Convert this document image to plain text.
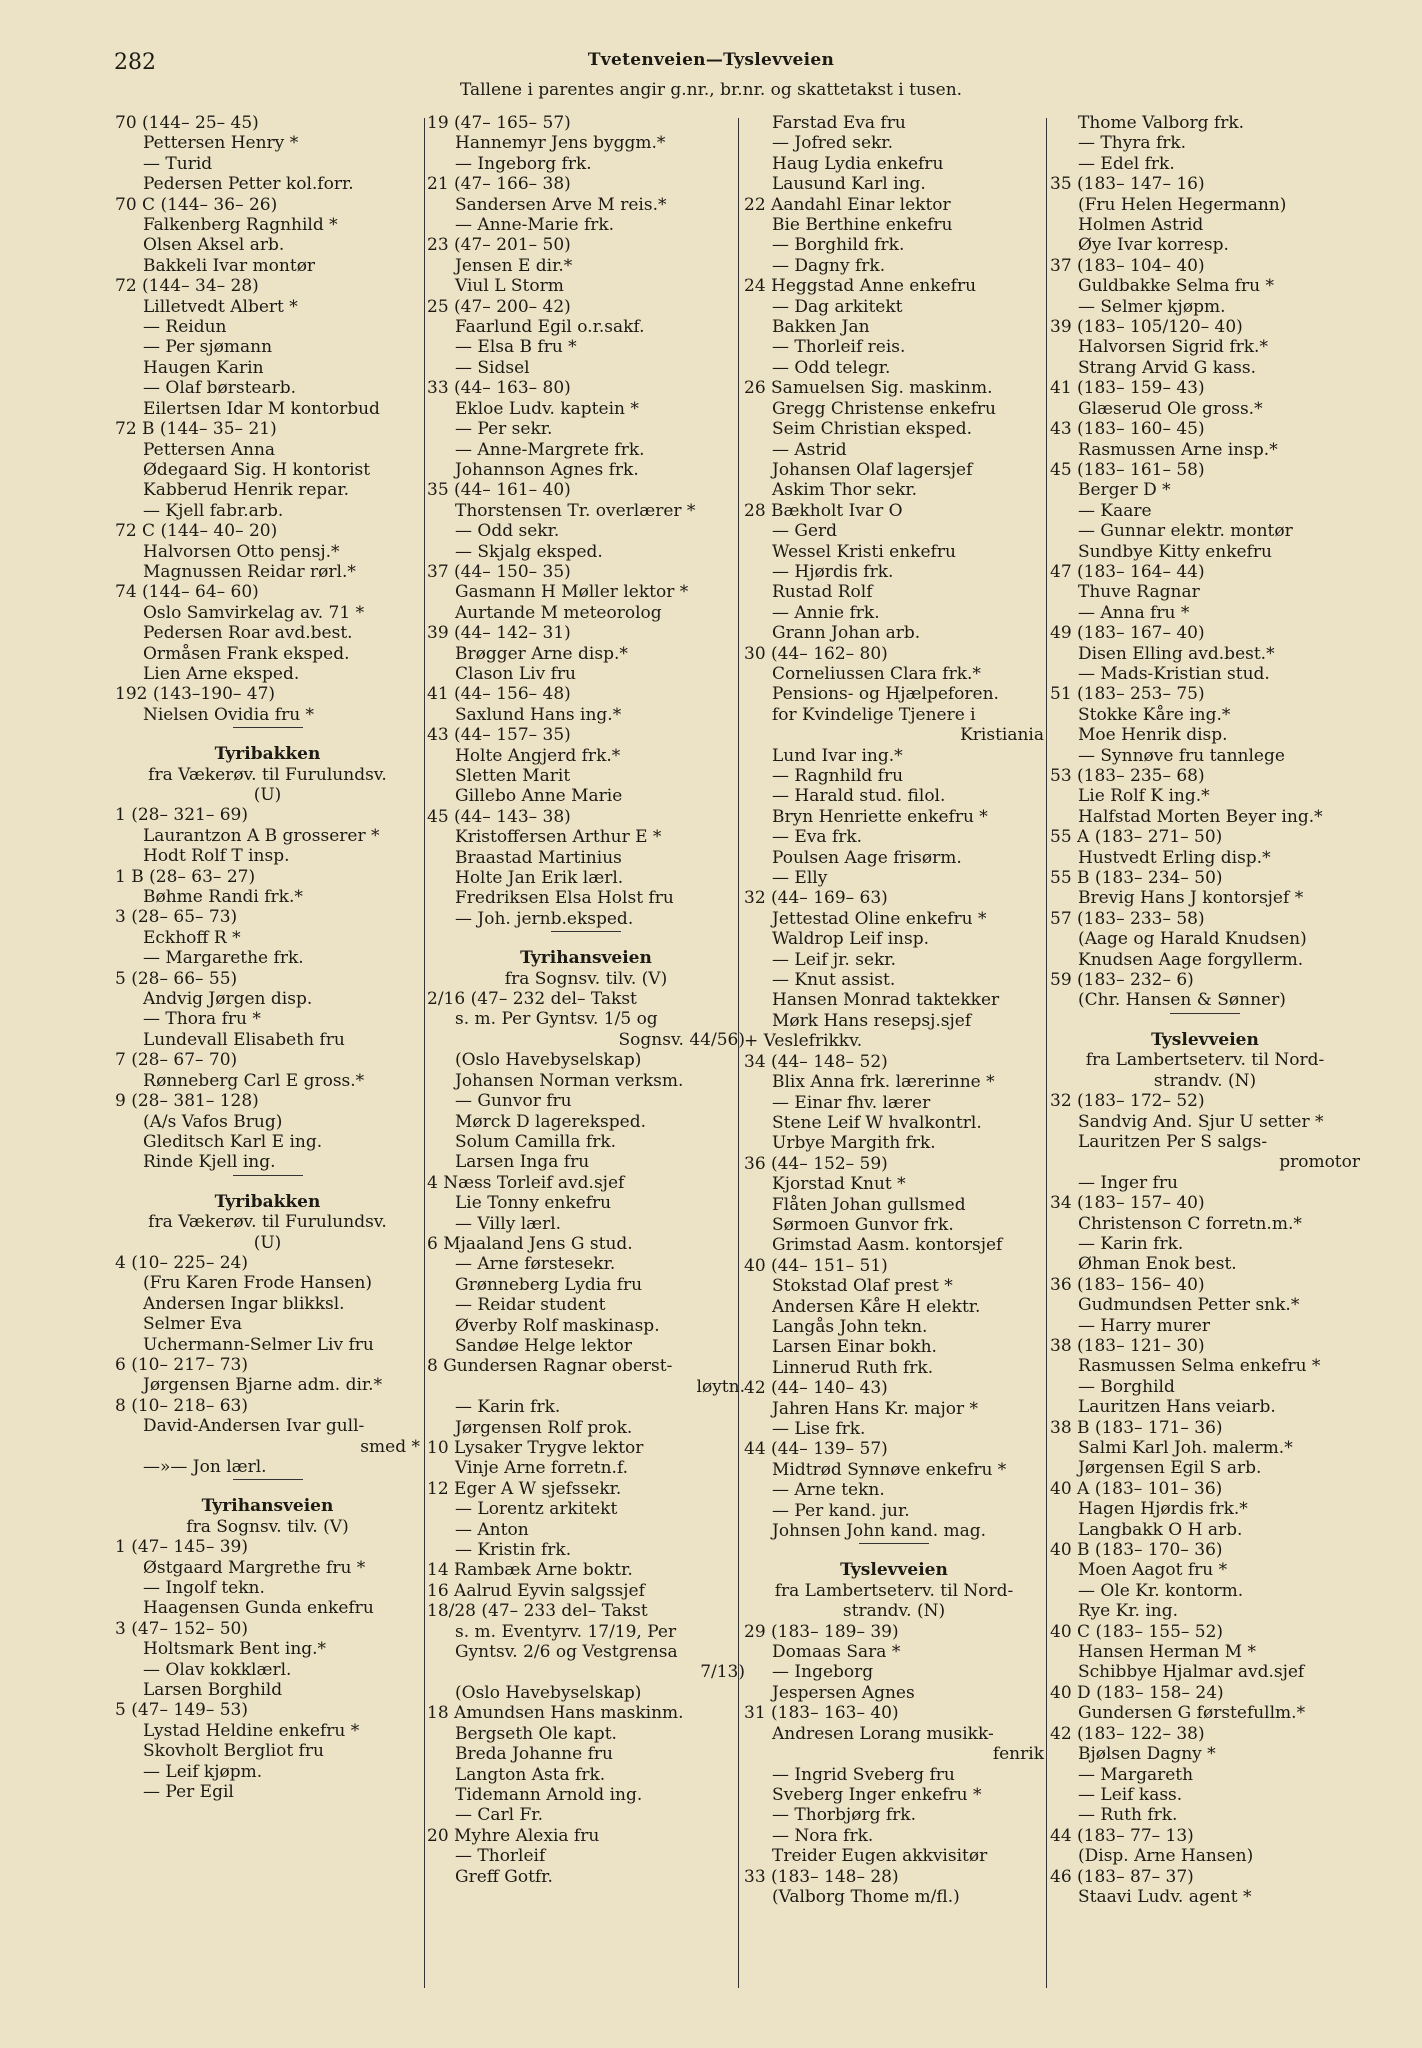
282	Tvetenveien—Tyslevveien
Tallene i parentes angir g.nr., br.nr. og skattetakst i tusen.
70 (144– 25– 45)
Pettersen Henry *
— Turid
Pedersen Petter kol.forr.
70 C (144– 36– 26)
Falkenberg Ragnhild *
Olsen Aksel arb.
Bakkeli Ivar montør
72 (144– 34– 28)
Lilletvedt Albert *
— Reidun
— Per sjømann
Haugen Karin
— Olaf børstearb.
Eilertsen Idar M kontorbud
72 B (144– 35– 21)
Pettersen Anna
Ødegaard Sig. H kontorist
Kabberud Henrik repar.
— Kjell fabr.arb.
72 C (144– 40– 20)
Halvorsen Otto pensj.*
Magnussen Reidar rørl.*
74 (144– 64– 60)
Oslo Samvirkelag av. 71 *
Pedersen Roar avd.best.
Ormåsen Frank eksped.
Lien Arne eksped.
192 (143–190– 47)
Nielsen Ovidia fru *
Tyribakken
fra Vækerøv. til Furulundsv.
(U)
1 (28– 321– 69)
Laurantzon A B grosserer *
Hodt Rolf T insp.
1 B (28– 63– 27)
Bøhme Randi frk.*
3 (28– 65– 73)
Eckhoff R *
— Margarethe frk.
5 (28– 66– 55)
Andvig Jørgen disp.
— Thora fru *
Lundevall Elisabeth fru
7 (28– 67– 70)
Rønneberg Carl E gross.*
9 (28– 381– 128)
(A/s Vafos Brug)
Gleditsch Karl E ing.
Rinde Kjell ing.
Tyribakken
fra Vækerøv. til Furulundsv.
(U)
4 (10– 225– 24)
(Fru Karen Frode Hansen)
Andersen Ingar blikksl.
Selmer Eva
Uchermann-Selmer Liv fru
6 (10– 217– 73)
Jørgensen Bjarne adm. dir.*
8 (10– 218– 63)
David-Andersen Ivar gull-
smed *
—»— Jon lærl.
Tyrihansveien
fra Sognsv. tilv. (V)
1 (47– 145– 39)
Østgaard Margrethe fru *
— Ingolf tekn.
Haagensen Gunda enkefru
3 (47– 152– 50)
Holtsmark Bent ing.*
— Olav kokklærl.
Larsen Borghild
5 (47– 149– 53)
Lystad Heldine enkefru *
Skovholt Bergliot fru
— Leif kjøpm.
— Per Egil
19 (47– 165– 57)
Hannemyr Jens byggm.*
— Ingeborg frk.
21 (47– 166– 38)
Sandersen Arve M reis.*
— Anne-Marie frk.
23 (47– 201– 50)
Jensen E dir.*
Viul L Storm
25 (47– 200– 42)
Faarlund Egil o.r.sakf.
— Elsa B fru *
— Sidsel
33 (44– 163– 80)
Ekloe Ludv. kaptein *
— Per sekr.
— Anne-Margrete frk.
Johannson Agnes frk.
35 (44– 161– 40)
Thorstensen Tr. overlærer *
— Odd sekr.
— Skjalg eksped.
37 (44– 150– 35)
Gasmann H Møller lektor *
Aurtande M meteorolog
39 (44– 142– 31)
Brøgger Arne disp.*
Clason Liv fru
41 (44– 156– 48)
Saxlund Hans ing.*
43 (44– 157– 35)
Holte Angjerd frk.*
Sletten Marit
Gillebo Anne Marie
45 (44– 143– 38)
Kristoffersen Arthur E *
Braastad Martinius
Holte Jan Erik lærl.
Fredriksen Elsa Holst fru
— Joh. jernb.eksped.
Tyrihansveien
fra Sognsv. tilv. (V)
2/16 (47– 232 del– Takst
s. m. Per Gyntsv. 1/5 og
Sognsv. 44/56)
(Oslo Havebyselskap)
Johansen Norman verksm.
— Gunvor fru
Mørck D lagereksped.
Solum Camilla frk.
Larsen Inga fru
4 Næss Torleif avd.sjef
Lie Tonny enkefru
— Villy lærl.
6 Mjaaland Jens G stud.
— Arne førstesekr.
Grønneberg Lydia fru
— Reidar student
Øverby Rolf maskinasp.
Sandøe Helge lektor
8 Gundersen Ragnar oberst-
løytn.
— Karin frk.
Jørgensen Rolf prok.
10 Lysaker Trygve lektor
Vinje Arne forretn.f.
12 Eger A W sjefssekr.
— Lorentz arkitekt
— Anton
— Kristin frk.
14 Rambæk Arne boktr.
16 Aalrud Eyvin salgssjef
18/28 (47– 233 del– Takst
s. m. Eventyrv. 17/19, Per
Gyntsv. 2/6 og Vestgrensa
7/13)
(Oslo Havebyselskap)
18 Amundsen Hans maskinm.
Bergseth Ole kapt.
Breda Johanne fru
Langton Asta frk.
Tidemann Arnold ing.
— Carl Fr.
20 Myhre Alexia fru
— Thorleif
Greff Gotfr.
Farstad Eva fru
— Jofred sekr.
Haug Lydia enkefru
Lausund Karl ing.
22 Aandahl Einar lektor
Bie Berthine enkefru
— Borghild frk.
— Dagny frk.
24 Heggstad Anne enkefru
— Dag arkitekt
Bakken Jan
— Thorleif reis.
— Odd telegr.
26 Samuelsen Sig. maskinm.
Gregg Christense enkefru
Seim Christian eksped.
— Astrid
Johansen Olaf lagersjef
Askim Thor sekr.
28 Bækholt Ivar O
— Gerd
Wessel Kristi enkefru
— Hjørdis frk.
Rustad Rolf
— Annie frk.
Grann Johan arb.
30 (44– 162– 80)
Corneliussen Clara frk.*
Pensions- og Hjælpeforen.
for Kvindelige Tjenere i
Kristiania
Lund Ivar ing.*
— Ragnhild fru
— Harald stud. filol.
Bryn Henriette enkefru *
— Eva frk.
Poulsen Aage frisørm.
— Elly
32 (44– 169– 63)
Jettestad Oline enkefru *
Waldrop Leif insp.
— Leif jr. sekr.
— Knut assist.
Hansen Monrad taktekker
Mørk Hans resepsj.sjef
+ Veslefrikkv.
34 (44– 148– 52)
Blix Anna frk. lærerinne *
— Einar fhv. lærer
Stene Leif W hvalkontrl.
Urbye Margith frk.
36 (44– 152– 59)
Kjorstad Knut *
Flåten Johan gullsmed
Sørmoen Gunvor frk.
Grimstad Aasm. kontorsjef
40 (44– 151– 51)
Stokstad Olaf prest *
Andersen Kåre H elektr.
Langås John tekn.
Larsen Einar bokh.
Linnerud Ruth frk.
42 (44– 140– 43)
Jahren Hans Kr. major *
— Lise frk.
44 (44– 139– 57)
Midtrød Synnøve enkefru *
— Arne tekn.
— Per kand. jur.
Johnsen John kand. mag.
Tyslevveien
fra Lambertseterv. til Nord-
strandv. (N)
29 (183– 189– 39)
Domaas Sara *
— Ingeborg
Jespersen Agnes
31 (183– 163– 40)
Andresen Lorang musikk-
fenrik
— Ingrid Sveberg fru
Sveberg Inger enkefru *
— Thorbjørg frk.
— Nora frk.
Treider Eugen akkvisitør
33 (183– 148– 28)
(Valborg Thome m/fl.)
Thome Valborg frk.
— Thyra frk.
— Edel frk.
35 (183– 147– 16)
(Fru Helen Hegermann)
Holmen Astrid
Øye Ivar korresp.
37 (183– 104– 40)
Guldbakke Selma fru *
— Selmer kjøpm.
39 (183– 105/120– 40)
Halvorsen Sigrid frk.*
Strang Arvid G kass.
41 (183– 159– 43)
Glæserud Ole gross.*
43 (183– 160– 45)
Rasmussen Arne insp.*
45 (183– 161– 58)
Berger D *
— Kaare
— Gunnar elektr. montør
Sundbye Kitty enkefru
47 (183– 164– 44)
Thuve Ragnar
— Anna fru *
49 (183– 167– 40)
Disen Elling avd.best.*
— Mads-Kristian stud.
51 (183– 253– 75)
Stokke Kåre ing.*
Moe Henrik disp.
— Synnøve fru tannlege
53 (183– 235– 68)
Lie Rolf K ing.*
Halfstad Morten Beyer ing.*
55 A (183– 271– 50)
Hustvedt Erling disp.*
55 B (183– 234– 50)
Brevig Hans J kontorsjef *
57 (183– 233– 58)
(Aage og Harald Knudsen)
Knudsen Aage forgyllerm.
59 (183– 232– 6)
(Chr. Hansen & Sønner)
Tyslevveien
fra Lambertseterv. til Nord-
strandv. (N)
32 (183– 172– 52)
Sandvig And. Sjur U setter *
Lauritzen Per S salgs-
promotor
— Inger fru
34 (183– 157– 40)
Christenson C forretn.m.*
— Karin frk.
Øhman Enok best.
36 (183– 156– 40)
Gudmundsen Petter snk.*
— Harry murer
38 (183– 121– 30)
Rasmussen Selma enkefru *
— Borghild
Lauritzen Hans veiarb.
38 B (183– 171– 36)
Salmi Karl Joh. malerm.*
Jørgensen Egil S arb.
40 A (183– 101– 36)
Hagen Hjørdis frk.*
Langbakk O H arb.
40 B (183– 170– 36)
Moen Aagot fru *
— Ole Kr. kontorm.
Rye Kr. ing.
40 C (183– 155– 52)
Hansen Herman M *
Schibbye Hjalmar avd.sjef
40 D (183– 158– 24)
Gundersen G førstefullm.*
42 (183– 122– 38)
Bjølsen Dagny *
— Margareth
— Leif kass.
— Ruth frk.
44 (183– 77– 13)
(Disp. Arne Hansen)
46 (183– 87– 37)
Staavi Ludv. agent *
